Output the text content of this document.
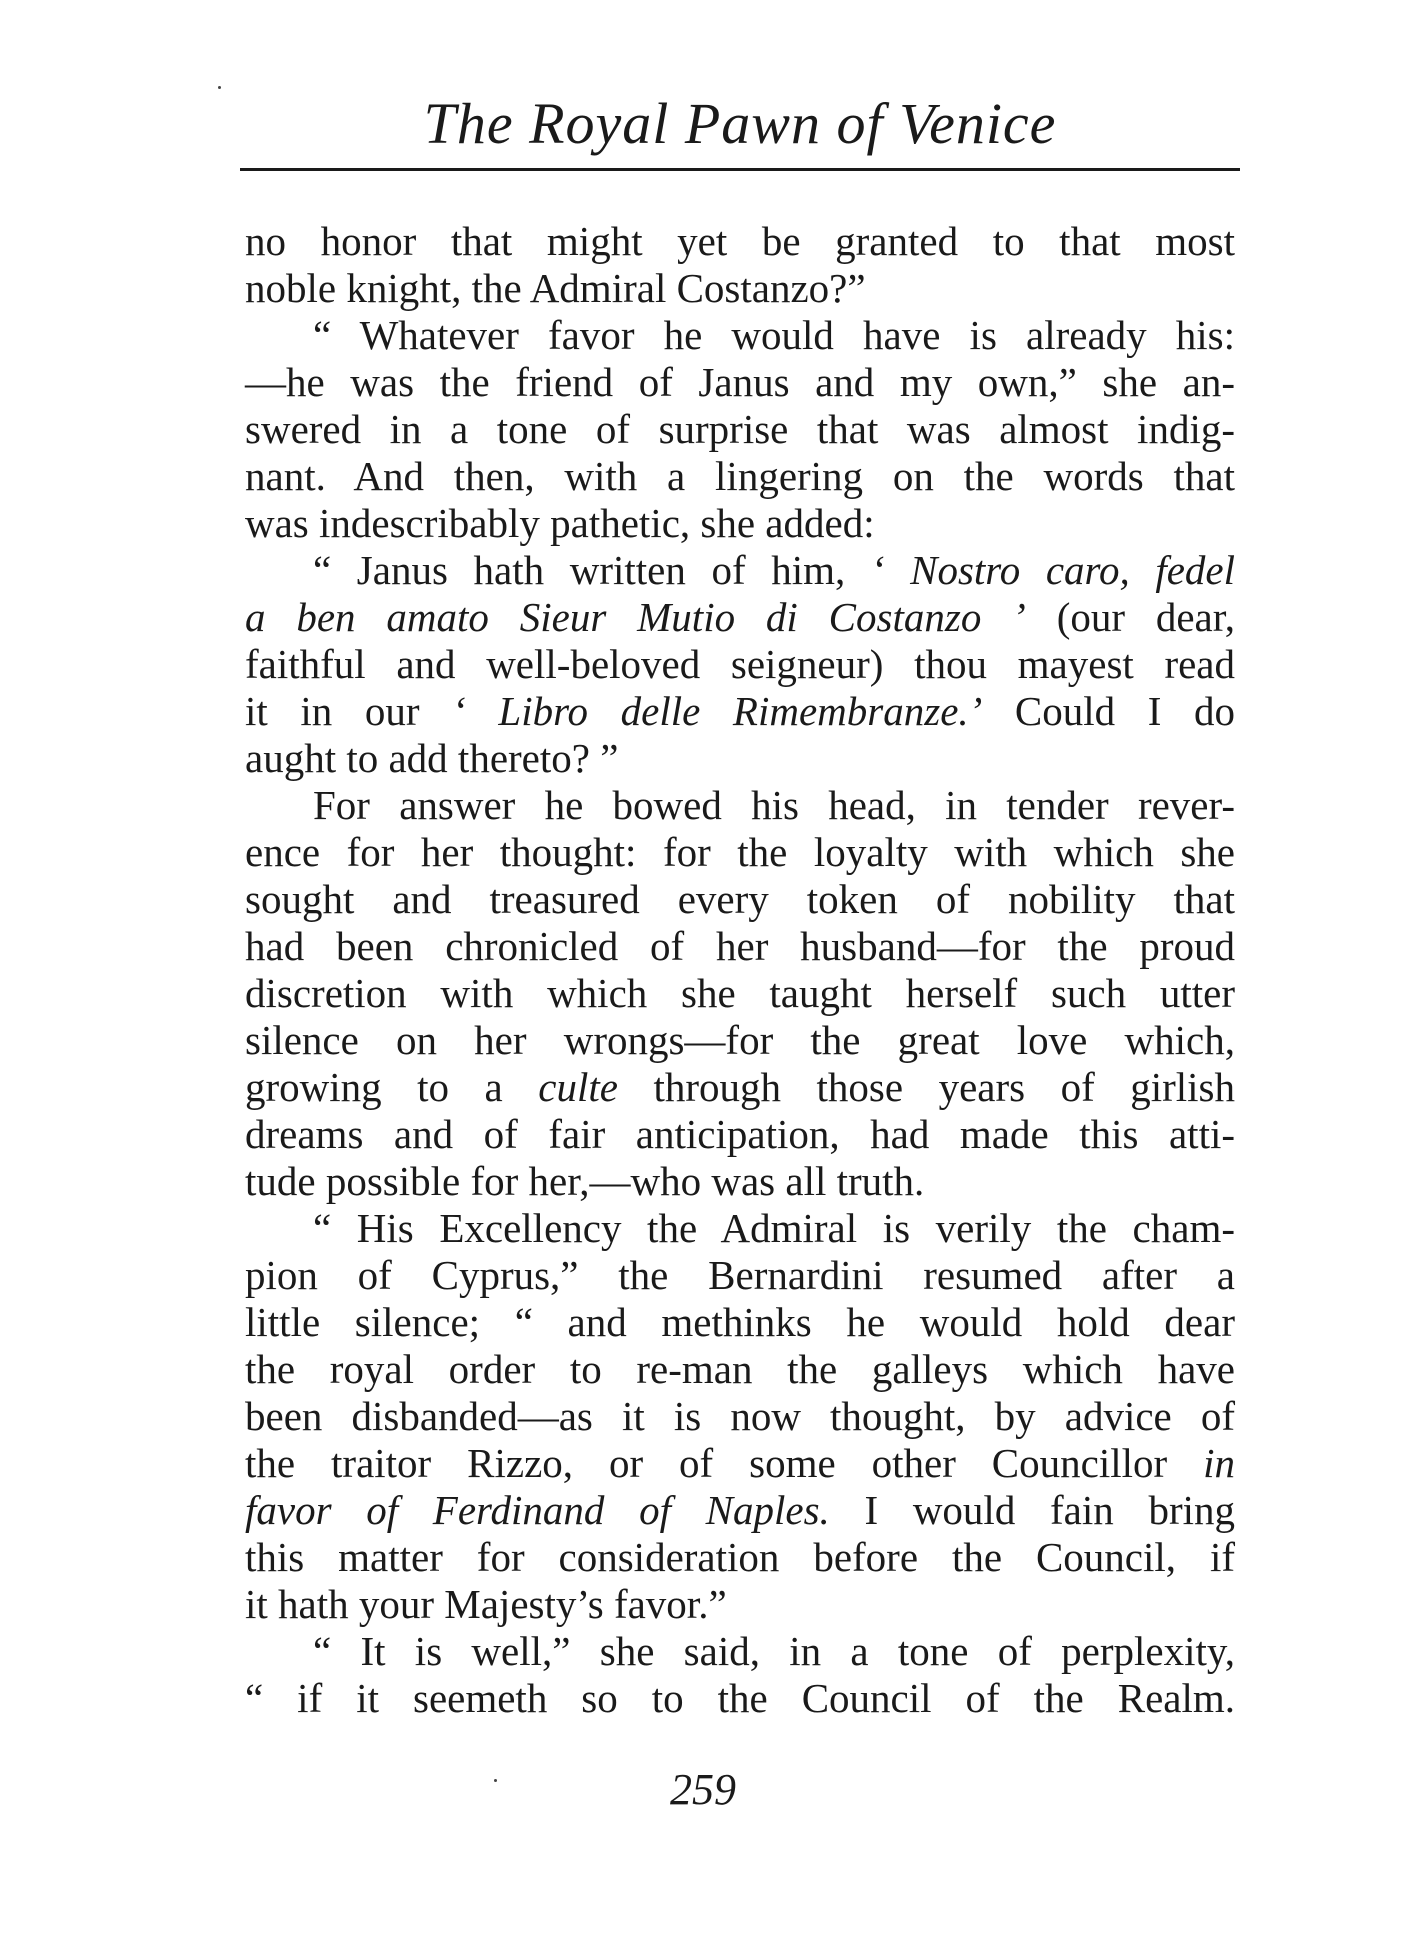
The Royal Pawn of Venice
no honor that might yet be granted to that most
noble knight, the Admiral Costanzo?”
“ Whatever favor he would have is already his:
—he was the friend of Janus and my own,” she an-
swered in a tone of surprise that was almost indig-
nant. And then, with a lingering on the words that
was indescribably pathetic, she added:
“ Janus hath written of him, ‘ Nostro caro, fedel
a ben amato Sieur Mutio di Costanzo ’ (our dear,
faithful and well-beloved seigneur) thou mayest read
it in our ‘ Libro delle Rimembranze.’ Could I do
aught to add thereto? ”
For answer he bowed his head, in tender rever-
ence for her thought: for the loyalty with which she
sought and treasured every token of nobility that
had been chronicled of her husband—for the proud
discretion with which she taught herself such utter
silence on her wrongs—for the great love which,
growing to a culte through those years of girlish
dreams and of fair anticipation, had made this atti-
tude possible for her,—who was all truth.
“ His Excellency the Admiral is verily the cham-
pion of Cyprus,” the Bernardini resumed after a
little silence; “ and methinks he would hold dear
the royal order to re-man the galleys which have
been disbanded—as it is now thought, by advice of
the traitor Rizzo, or of some other Councillor in
favor of Ferdinand of Naples. I would fain bring
this matter for consideration before the Council, if
it hath your Majesty’s favor.”
“ It is well,” she said, in a tone of perplexity,
“ if it seemeth so to the Council of the Realm.
259
